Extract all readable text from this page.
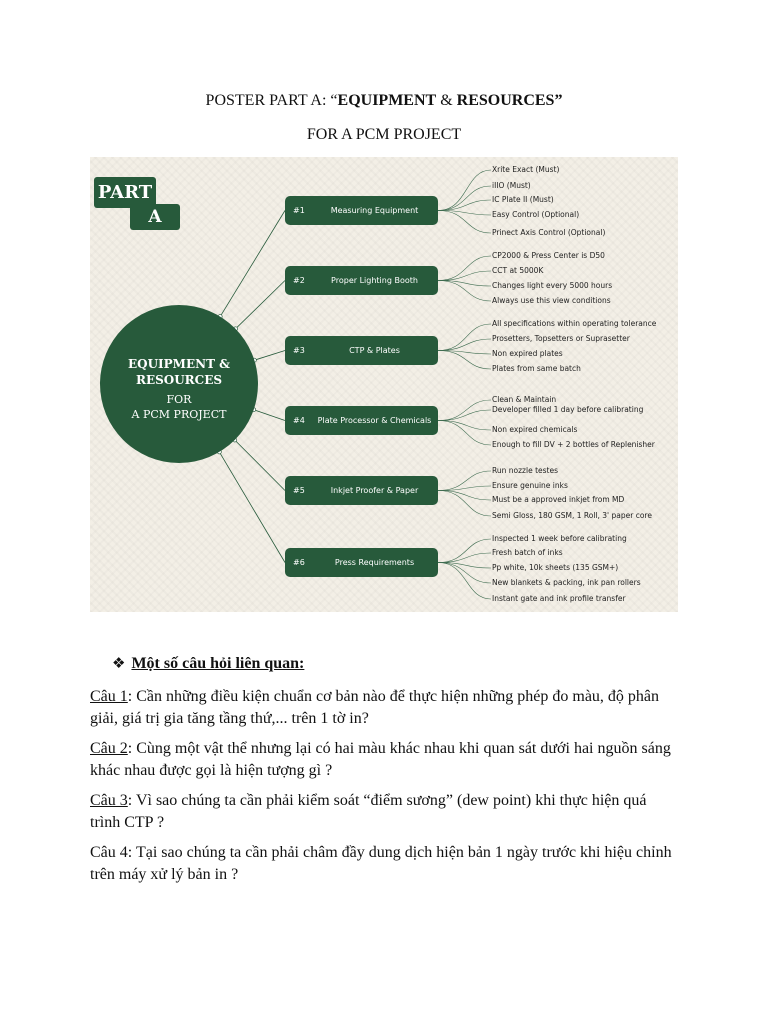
POSTER PART A: “EQUIPMENT & RESOURCES”
FOR A PCM PROJECT
PART
A
EQUIPMENT &
RESOURCES
FOR
A PCM PROJECT
#1	Measuring Equipment
Xrite Exact (Must)
iIIO (Must)
IC Plate II (Must)
Easy Control (Optional)
Prinect Axis Control (Optional)
#2	Proper Lighting Booth
CP2000 & Press Center is D50
CCT at 5000K
Changes light every 5000 hours
Always use this view conditions
#3	CTP & Plates
All specifications within operating tolerance
Prosetters, Topsetters or Suprasetter
Non expired plates
Plates from same batch
#4	Plate Processor & Chemicals
Clean & Maintain
Developer filled 1 day before calibrating
Non expired chemicals
Enough to fill DV + 2 bottles of Replenisher
#5	Inkjet Proofer & Paper
Run nozzle testes
Ensure genuine inks
Must be a approved inkjet from MD
Semi Gloss, 180 GSM, 1 Roll, 3' paper core
#6	Press Requirements
Inspected 1 week before calibrating
Fresh batch of inks
Pp white, 10k sheets (135 GSM+)
New blankets & packing, ink pan rollers
Instant gate and ink profile transfer
❖ Một số câu hỏi liên quan:
Câu 1: Cần những điều kiện chuẩn cơ bản nào để thực hiện những phép đo màu, độ phân giải, giá trị gia tăng tầng thứ,... trên 1 tờ in?
Câu 2: Cùng một vật thể nhưng lại có hai màu khác nhau khi quan sát dưới hai nguồn sáng khác nhau được gọi là hiện tượng gì ?
Câu 3: Vì sao chúng ta cần phải kiểm soát “điểm sương” (dew point) khi thực hiện quá trình CTP ?
Câu 4: Tại sao chúng ta cần phải châm đầy dung dịch hiện bản 1 ngày trước khi hiệu chỉnh trên máy xử lý bản in ?
